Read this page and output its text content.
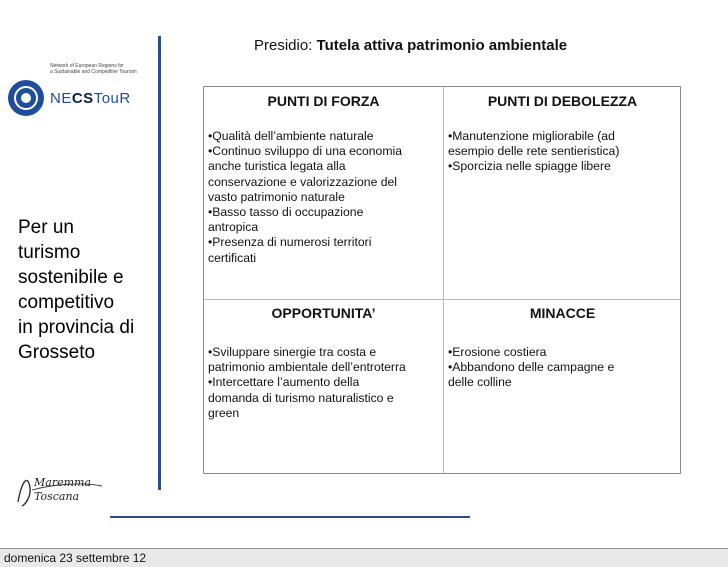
Network of European Regions for
a Sustainable and Competitive Tourism
NECSTouR
Per un
turismo
sostenibile e
competitivo
in provincia di
Grosseto
Maremma
Toscana
Presidio: Tutela attiva patrimonio ambientale
PUNTI DI FORZA
•Qualità dell’ambiente naturale
•Continuo sviluppo di una economia
anche turistica legata alla
conservazione e valorizzazione del
vasto patrimonio naturale
•Basso tasso di occupazione
antropica
•Presenza di numerosi territori
certificati
PUNTI DI DEBOLEZZA
•Manutenzione migliorabile (ad
esempio delle rete sentieristica)
•Sporcizia nelle spiagge libere
OPPORTUNITA’
•Sviluppare sinergie tra costa e
patrimonio ambientale dell’entroterra
•Intercettare l’aumento della
domanda di turismo naturalistico e
green
MINACCE
•Erosione costiera
•Abbandono delle campagne e
delle colline
domenica 23 settembre 12
